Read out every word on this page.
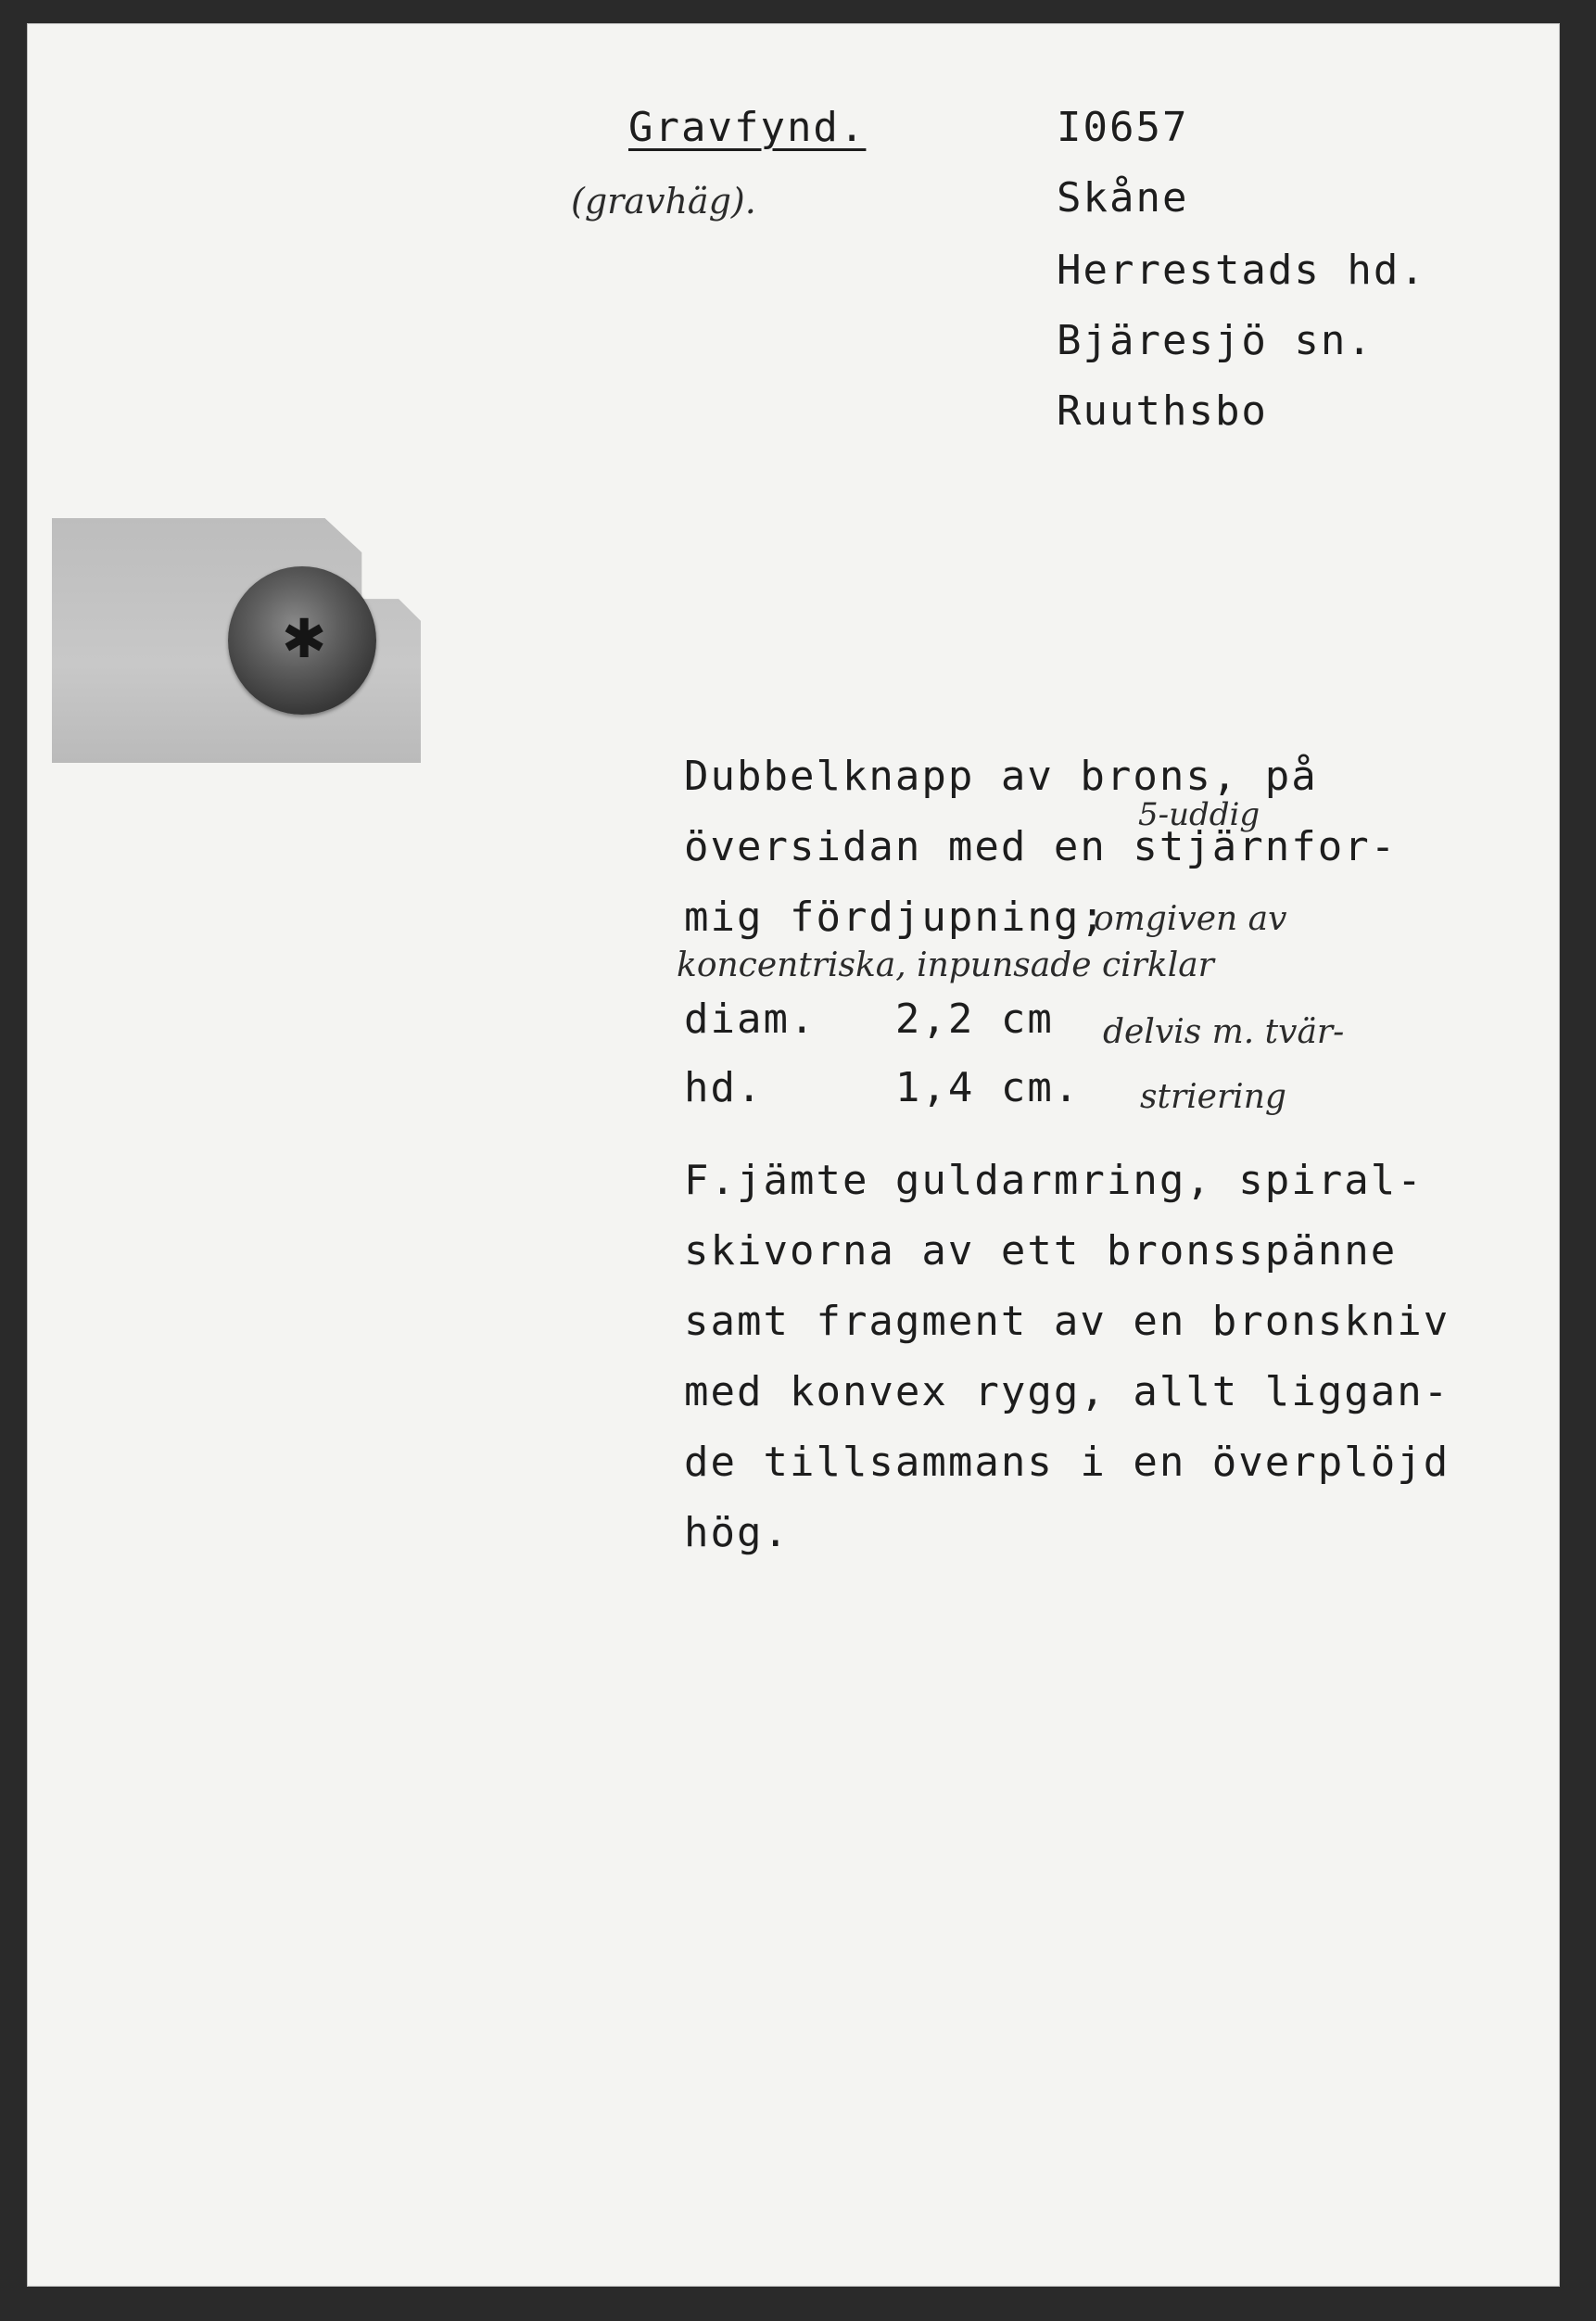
Gravfynd.
(gravhäg).
I0657
Skåne
Herrestads hd.
Bjäresjö sn.
Ruuthsbo
✱
Dubbelknapp av brons, på
5-uddig
översidan med en stjärnfor-
mig fördjupning;
omgiven av
koncentriska, inpunsade cirklar
diam.   2,2 cm delvis m. tvär-
hd.     1,4 cm. striering
F.jämte guldarmring, spiral-
skivorna av ett bronsspänne
samt fragment av en bronskniv
med konvex rygg, allt liggan-
de tillsammans i en överplöjd
hög.
